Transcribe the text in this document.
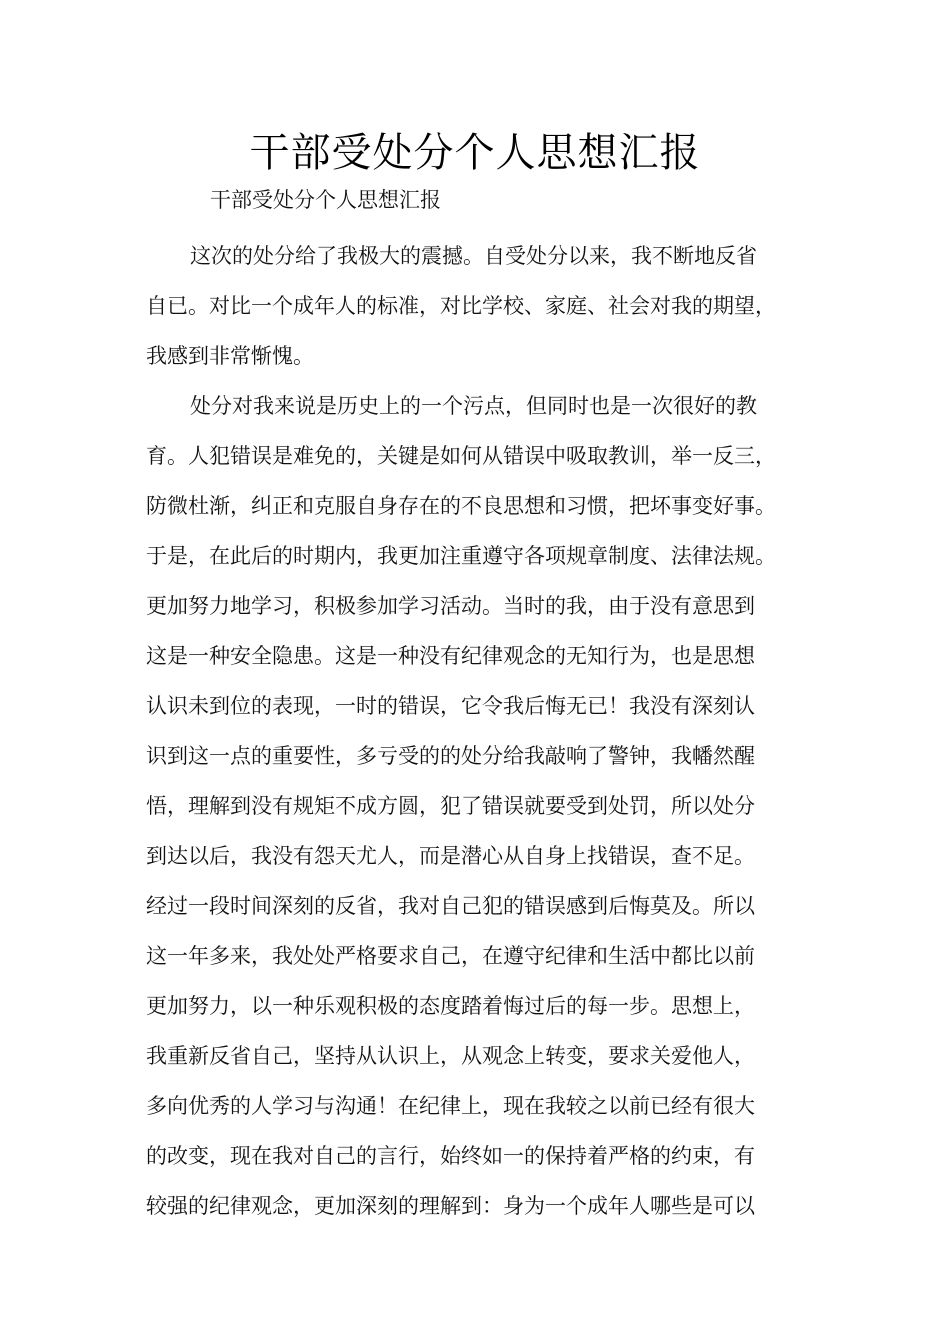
干部受处分个人思想汇报
干部受处分个人思想汇报
这次的处分给了我极大的震撼。自受处分以来，我不断地反省
自已。对比一个成年人的标准，对比学校、家庭、社会对我的期望，
我感到非常惭愧。
处分对我来说是历史上的一个污点，但同时也是一次很好的教
育。人犯错误是难免的，关键是如何从错误中吸取教训，举一反三，
防微杜渐，纠正和克服自身存在的不良思想和习惯，把坏事变好事。
于是，在此后的时期内，我更加注重遵守各项规章制度、法律法规。
更加努力地学习，积极参加学习活动。当时的我，由于没有意思到
这是一种安全隐患。这是一种没有纪律观念的无知行为，也是思想
认识未到位的表现，一时的错误，它令我后悔无已！我没有深刻认
识到这一点的重要性，多亏受的的处分给我敲响了警钟，我幡然醒
悟，理解到没有规矩不成方圆，犯了错误就要受到处罚，所以处分
到达以后，我没有怨天尤人，而是潜心从自身上找错误，查不足。
经过一段时间深刻的反省，我对自己犯的错误感到后悔莫及。所以
这一年多来，我处处严格要求自己，在遵守纪律和生活中都比以前
更加努力，以一种乐观积极的态度踏着悔过后的每一步。思想上，
我重新反省自己，坚持从认识上，从观念上转变，要求关爱他人，
多向优秀的人学习与沟通！在纪律上，现在我较之以前已经有很大
的改变，现在我对自己的言行，始终如一的保持着严格的约束，有
较强的纪律观念，更加深刻的理解到：身为一个成年人哪些是可以
